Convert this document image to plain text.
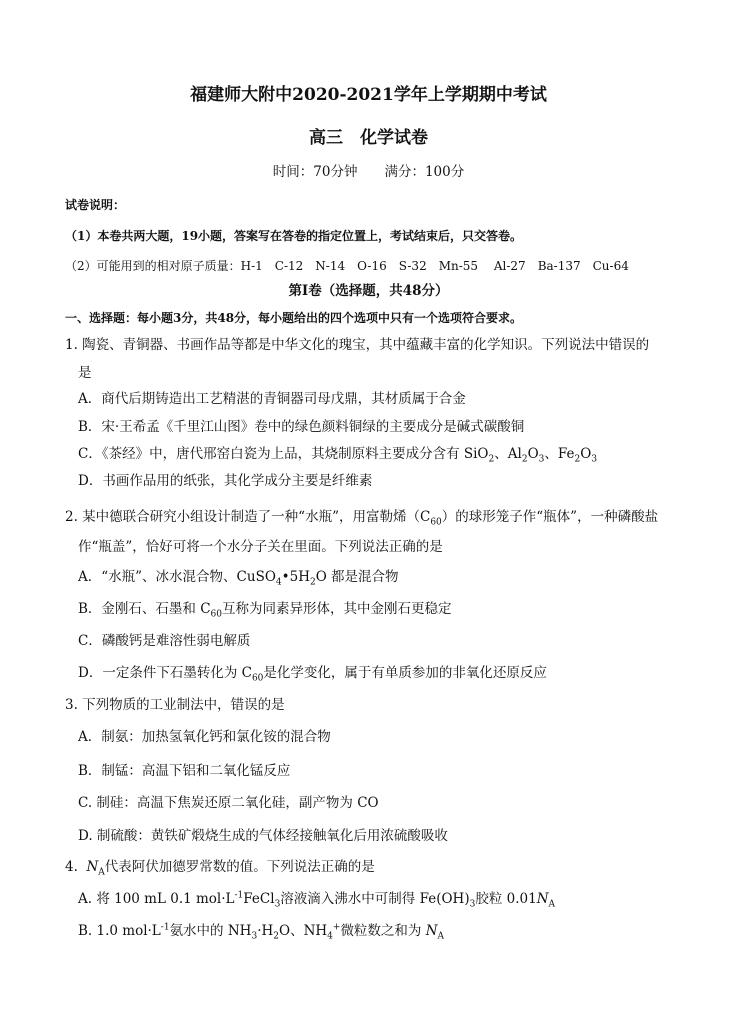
福建师大附中2020-2021学年上学期期中考试
高三　化学试卷
时间：70分钟　　满分：100分
试卷说明：
（1）本卷共两大题，19小题，答案写在答卷的指定位置上，考试结束后，只交答卷。
（2）可能用到的相对原子质量：H-1　C-12　N-14　O-16　S-32　Mn-55　 Al-27　Ba-137　Cu-64
第Ⅰ卷（选择题，共48分）
一、选择题：每小题3分，共48分，每小题给出的四个选项中只有一个选项符合要求。
1. 陶瓷、青铜器、书画作品等都是中华文化的瑰宝，其中蕴藏丰富的化学知识。下列说法中错误的
是
A．商代后期铸造出工艺精湛的青铜器司母戊鼎，其材质属于合金
B．宋·王希孟《千里江山图》卷中的绿色颜料铜绿的主要成分是碱式碳酸铜
C．《茶经》中，唐代邢窑白瓷为上品，其烧制原料主要成分含有 SiO$_2$、$Al_2O_3$、$Fe_2O_3$
D．书画作品用的纸张，其化学成分主要是纤维素
2. 某中德联合研究小组设计制造了一种“水瓶”，用富勒烯$(C_{60})$的球形笼子作“瓶体”，一种磷酸盐
作“瓶盖”，恰好可将一个水分子关在里面。下列说法正确的是
A．“水瓶”、冰水混合物、$CuSO_4•5H_2O$ 都是混合物
B．金刚石、石墨和 $C_{60}$互称为同素异形体，其中金刚石更稳定
C．磷酸钙是难溶性弱电解质
D．一定条件下石墨转化为 $C_{60}$是化学变化，属于有单质参加的非氧化还原反应
3. 下列物质的工业制法中，错误的是
A．制氨：加热氢氧化钙和氯化铵的混合物
B．制锰：高温下铝和二氧化锰反应
C. 制硅：高温下焦炭还原二氧化硅，副产物为 CO
D. 制硫酸：黄铁矿煅烧生成的气体经接触氧化后用浓硫酸吸收
4. $N_A$代表阿伏加德罗常数的值。下列说法正确的是
A. 将 100 mL 0.1 $mol\cdot L^{-1}FeCl_3$溶液滴入沸水中可制得 $Fe(OH)_3$胶粒 $0.01N_A$
B. 1.0 $mol\cdot L^{-1}$氨水中的 $NH_3\cdot H_2O$、$NH_4^+$微粒数之和为 $N_A$
